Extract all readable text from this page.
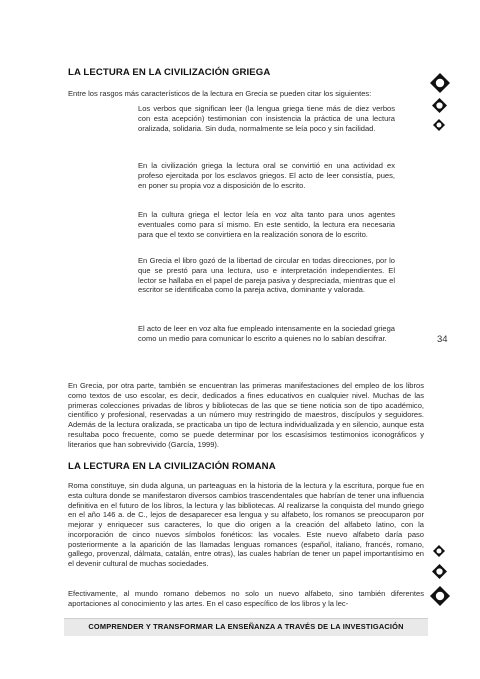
LA LECTURA EN LA CIVILIZACIÓN GRIEGA

Entre los rasgos más característicos de la lectura en Grecia se pueden citar los siguientes:

Los verbos que significan leer (la lengua griega tiene más de diez verbos con esta acepción) testimonian con insistencia la práctica de una lectura oralizada, solidaria. Sin duda, normalmente se leía poco y sin facilidad.

En la civilización griega la lectura oral se convirtió en una actividad ex profeso ejercitada por los esclavos griegos. El acto de leer consistía, pues, en poner su propia voz a disposición de lo escrito.

En la cultura griega el lector leía en voz alta tanto para unos agentes eventuales como para sí mismo. En este sentido, la lectura era necesaria para que el texto se convirtiera en la realización sonora de lo escrito.

En Grecia el libro gozó de la libertad de circular en todas direcciones, por lo que se prestó para una lectura, uso e interpretación independientes. El lector se hallaba en el papel de pareja pasiva y despreciada, mientras que el escritor se identificaba como la pareja activa, dominante y valorada.

El acto de leer en voz alta fue empleado intensamente en la sociedad griega como un medio para comunicar lo escrito a quienes no lo sabían descifrar.	34

En Grecia, por otra parte, también se encuentran las primeras manifestaciones del empleo de los libros como textos de uso escolar, es decir, dedicados a fines educativos en cualquier nivel. Muchas de las primeras colecciones privadas de libros y bibliotecas de las que se tiene noticia son de tipo académico, científico y profesional, reservadas a un número muy restringido de maestros, discípulos y seguidores. Además de la lectura oralizada, se practicaba un tipo de lectura individualizada y en silencio, aunque esta resultaba poco frecuente, como se puede determinar por los escasísimos testimonios iconográficos y literarios que han sobrevivido (García, 1999).

LA LECTURA EN LA CIVILIZACIÓN ROMANA

Roma constituye, sin duda alguna, un parteaguas en la historia de la lectura y la escritura, porque fue en esta cultura donde se manifestaron diversos cambios trascendentales que habrían de tener una influencia definitiva en el futuro de los libros, la lectura y las bibliotecas. Al realizarse la conquista del mundo griego en el año 146 a. de C., lejos de desaparecer esa lengua y su alfabeto, los romanos se preocuparon por mejorar y enriquecer sus caracteres, lo que dio origen a la creación del alfabeto latino, con la incorporación de cinco nuevos símbolos fonéticos: las vocales. Este nuevo alfabeto daría paso posteriormente a la aparición de las llamadas lenguas romances (español, italiano, francés, romano, gallego, provenzal, dálmata, catalán, entre otras), las cuales habrían de tener un papel importantísimo en el devenir cultural de muchas sociedades.

Efectivamente, al mundo romano debemos no solo un nuevo alfabeto, sino también diferentes aportaciones al conocimiento y las artes. En el caso específico de los libros y la lec-

COMPRENDER Y TRANSFORMAR LA ENSEÑANZA A TRAVÉS DE LA INVESTIGACIÓN
